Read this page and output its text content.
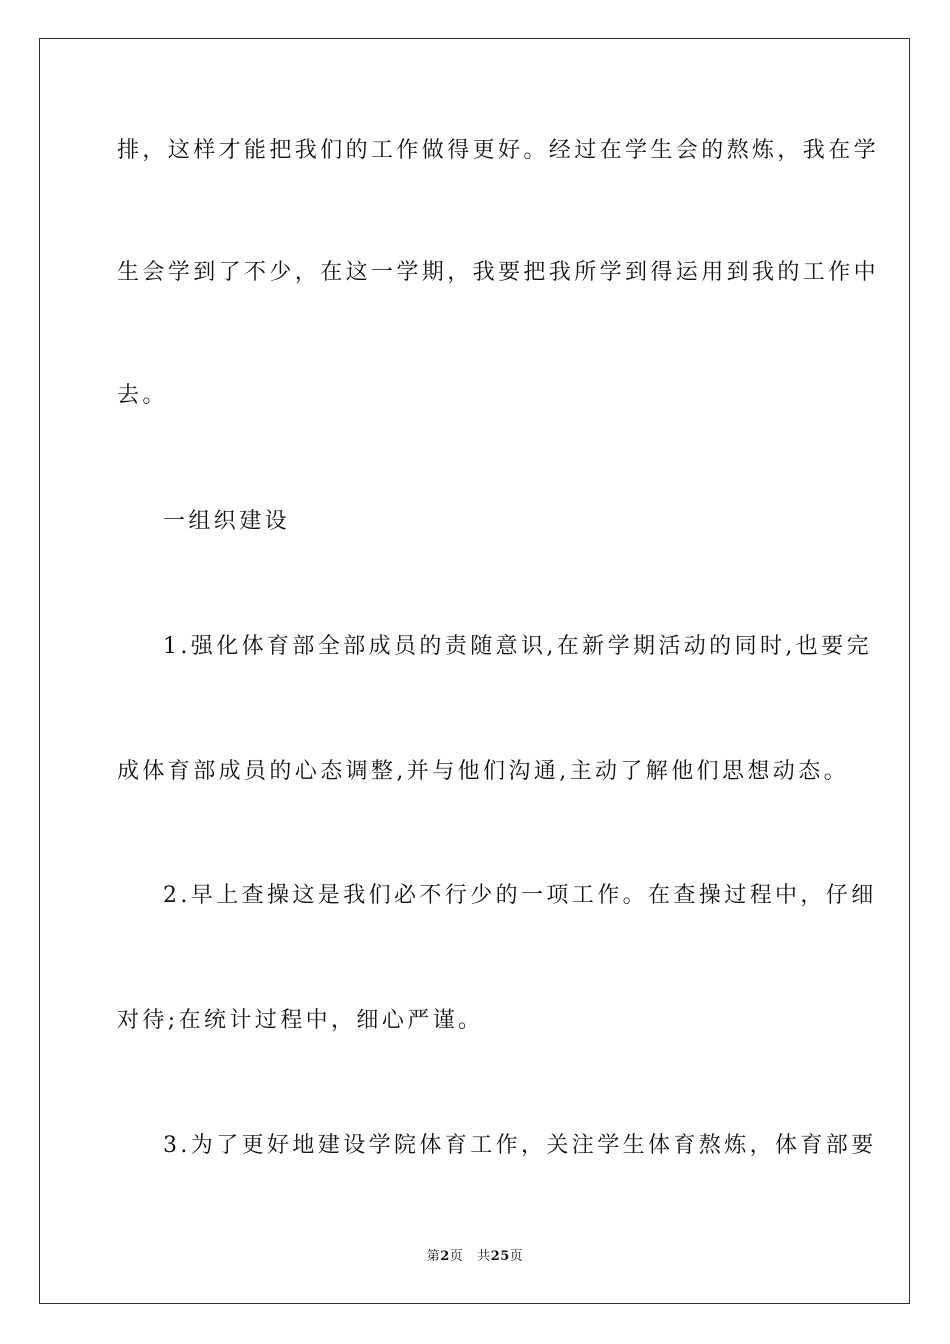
排，这样才能把我们的工作做得更好。经过在学生会的熬炼，我在学
生会学到了不少，在这一学期，我要把我所学到得运用到我的工作中
去。
一组织建设
1.强化体育部全部成员的责随意识,在新学期活动的同时,也要完
成体育部成员的心态调整,并与他们沟通,主动了解他们思想动态。
2.早上查操这是我们必不行少的一项工作。在查操过程中，仔细
对待;在统计过程中，细心严谨。
3.为了更好地建设学院体育工作，关注学生体育熬炼，体育部要
第2页 共25页
